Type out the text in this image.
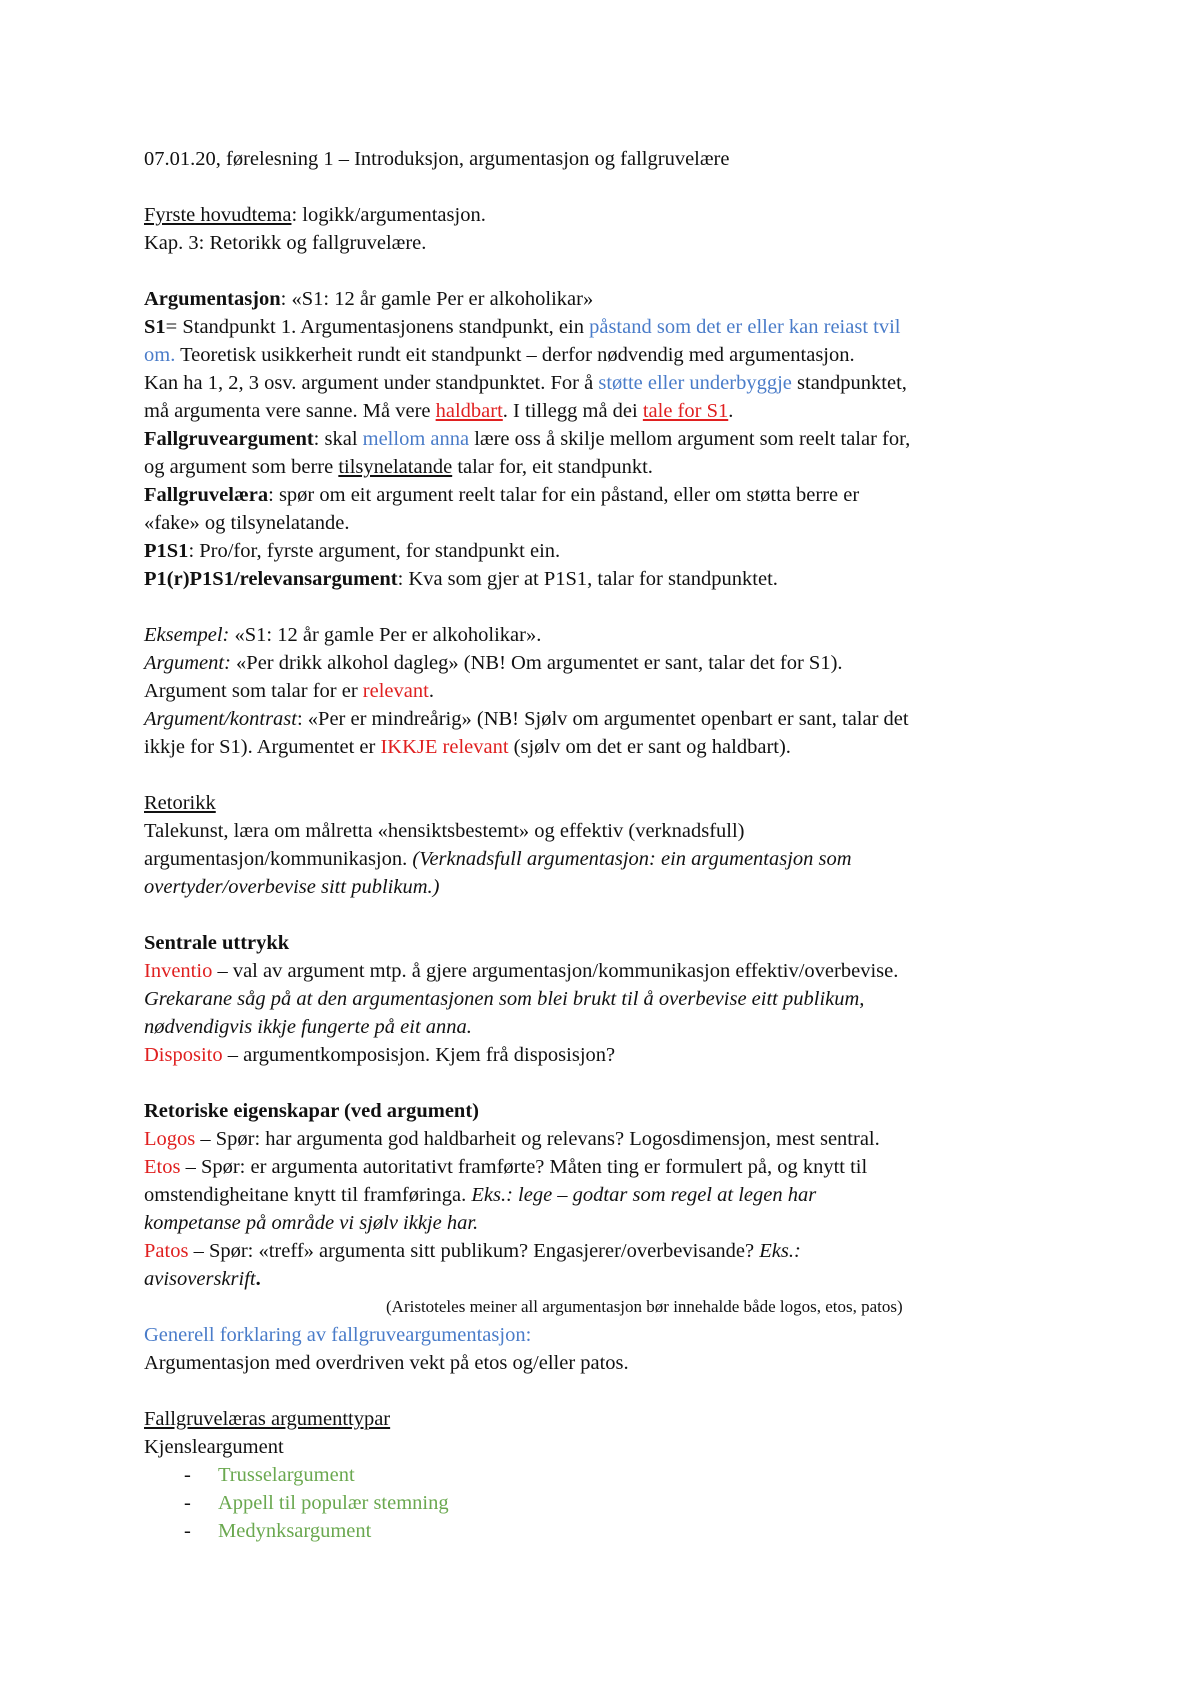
07.01.20, førelesning 1 – Introduksjon, argumentasjon og fallgruvelære
Fyrste hovudtema: logikk/argumentasjon.
Kap. 3: Retorikk og fallgruvelære.
Argumentasjon: «S1: 12 år gamle Per er alkoholikar»
S1= Standpunkt 1. Argumentasjonens standpunkt, ein påstand som det er eller kan reiast tvil
om. Teoretisk usikkerheit rundt eit standpunkt – derfor nødvendig med argumentasjon.
Kan ha 1, 2, 3 osv. argument under standpunktet. For å støtte eller underbyggje standpunktet,
må argumenta vere sanne. Må vere haldbart. I tillegg må dei tale for S1.
Fallgruveargument: skal mellom anna lære oss å skilje mellom argument som reelt talar for,
og argument som berre tilsynelatande talar for, eit standpunkt.
Fallgruvelæra: spør om eit argument reelt talar for ein påstand, eller om støtta berre er
«fake» og tilsynelatande.
P1S1: Pro/for, fyrste argument, for standpunkt ein.
P1(r)P1S1/relevansargument: Kva som gjer at P1S1, talar for standpunktet.
Eksempel: «S1: 12 år gamle Per er alkoholikar».
Argument: «Per drikk alkohol dagleg» (NB! Om argumentet er sant, talar det for S1).
Argument som talar for er relevant.
Argument/kontrast: «Per er mindreårig» (NB! Sjølv om argumentet openbart er sant, talar det
ikkje for S1). Argumentet er IKKJE relevant (sjølv om det er sant og haldbart).
Retorikk
Talekunst, læra om målretta «hensiktsbestemt» og effektiv (verknadsfull)
argumentasjon/kommunikasjon. (Verknadsfull argumentasjon: ein argumentasjon som
overtyder/overbevise sitt publikum.)
Sentrale uttrykk
Inventio – val av argument mtp. å gjere argumentasjon/kommunikasjon effektiv/overbevise.
Grekarane såg på at den argumentasjonen som blei brukt til å overbevise eitt publikum,
nødvendigvis ikkje fungerte på eit anna.
Disposito – argumentkomposisjon. Kjem frå disposisjon?
Retoriske eigenskapar (ved argument)
Logos – Spør: har argumenta god haldbarheit og relevans? Logosdimensjon, mest sentral.
Etos – Spør: er argumenta autoritativt framførte? Måten ting er formulert på, og knytt til
omstendigheitane knytt til framføringa. Eks.: lege – godtar som regel at legen har
kompetanse på område vi sjølv ikkje har.
Patos – Spør: «treff» argumenta sitt publikum? Engasjerer/overbevisande? Eks.:
avisoverskrift.
(Aristoteles meiner all argumentasjon bør innehalde både logos, etos, patos)
Generell forklaring av fallgruveargumentasjon:
Argumentasjon med overdriven vekt på etos og/eller patos.
Fallgruvelæras argumenttypar
Kjensleargument
- Trusselargument
- Appell til populær stemning
- Medynksargument
